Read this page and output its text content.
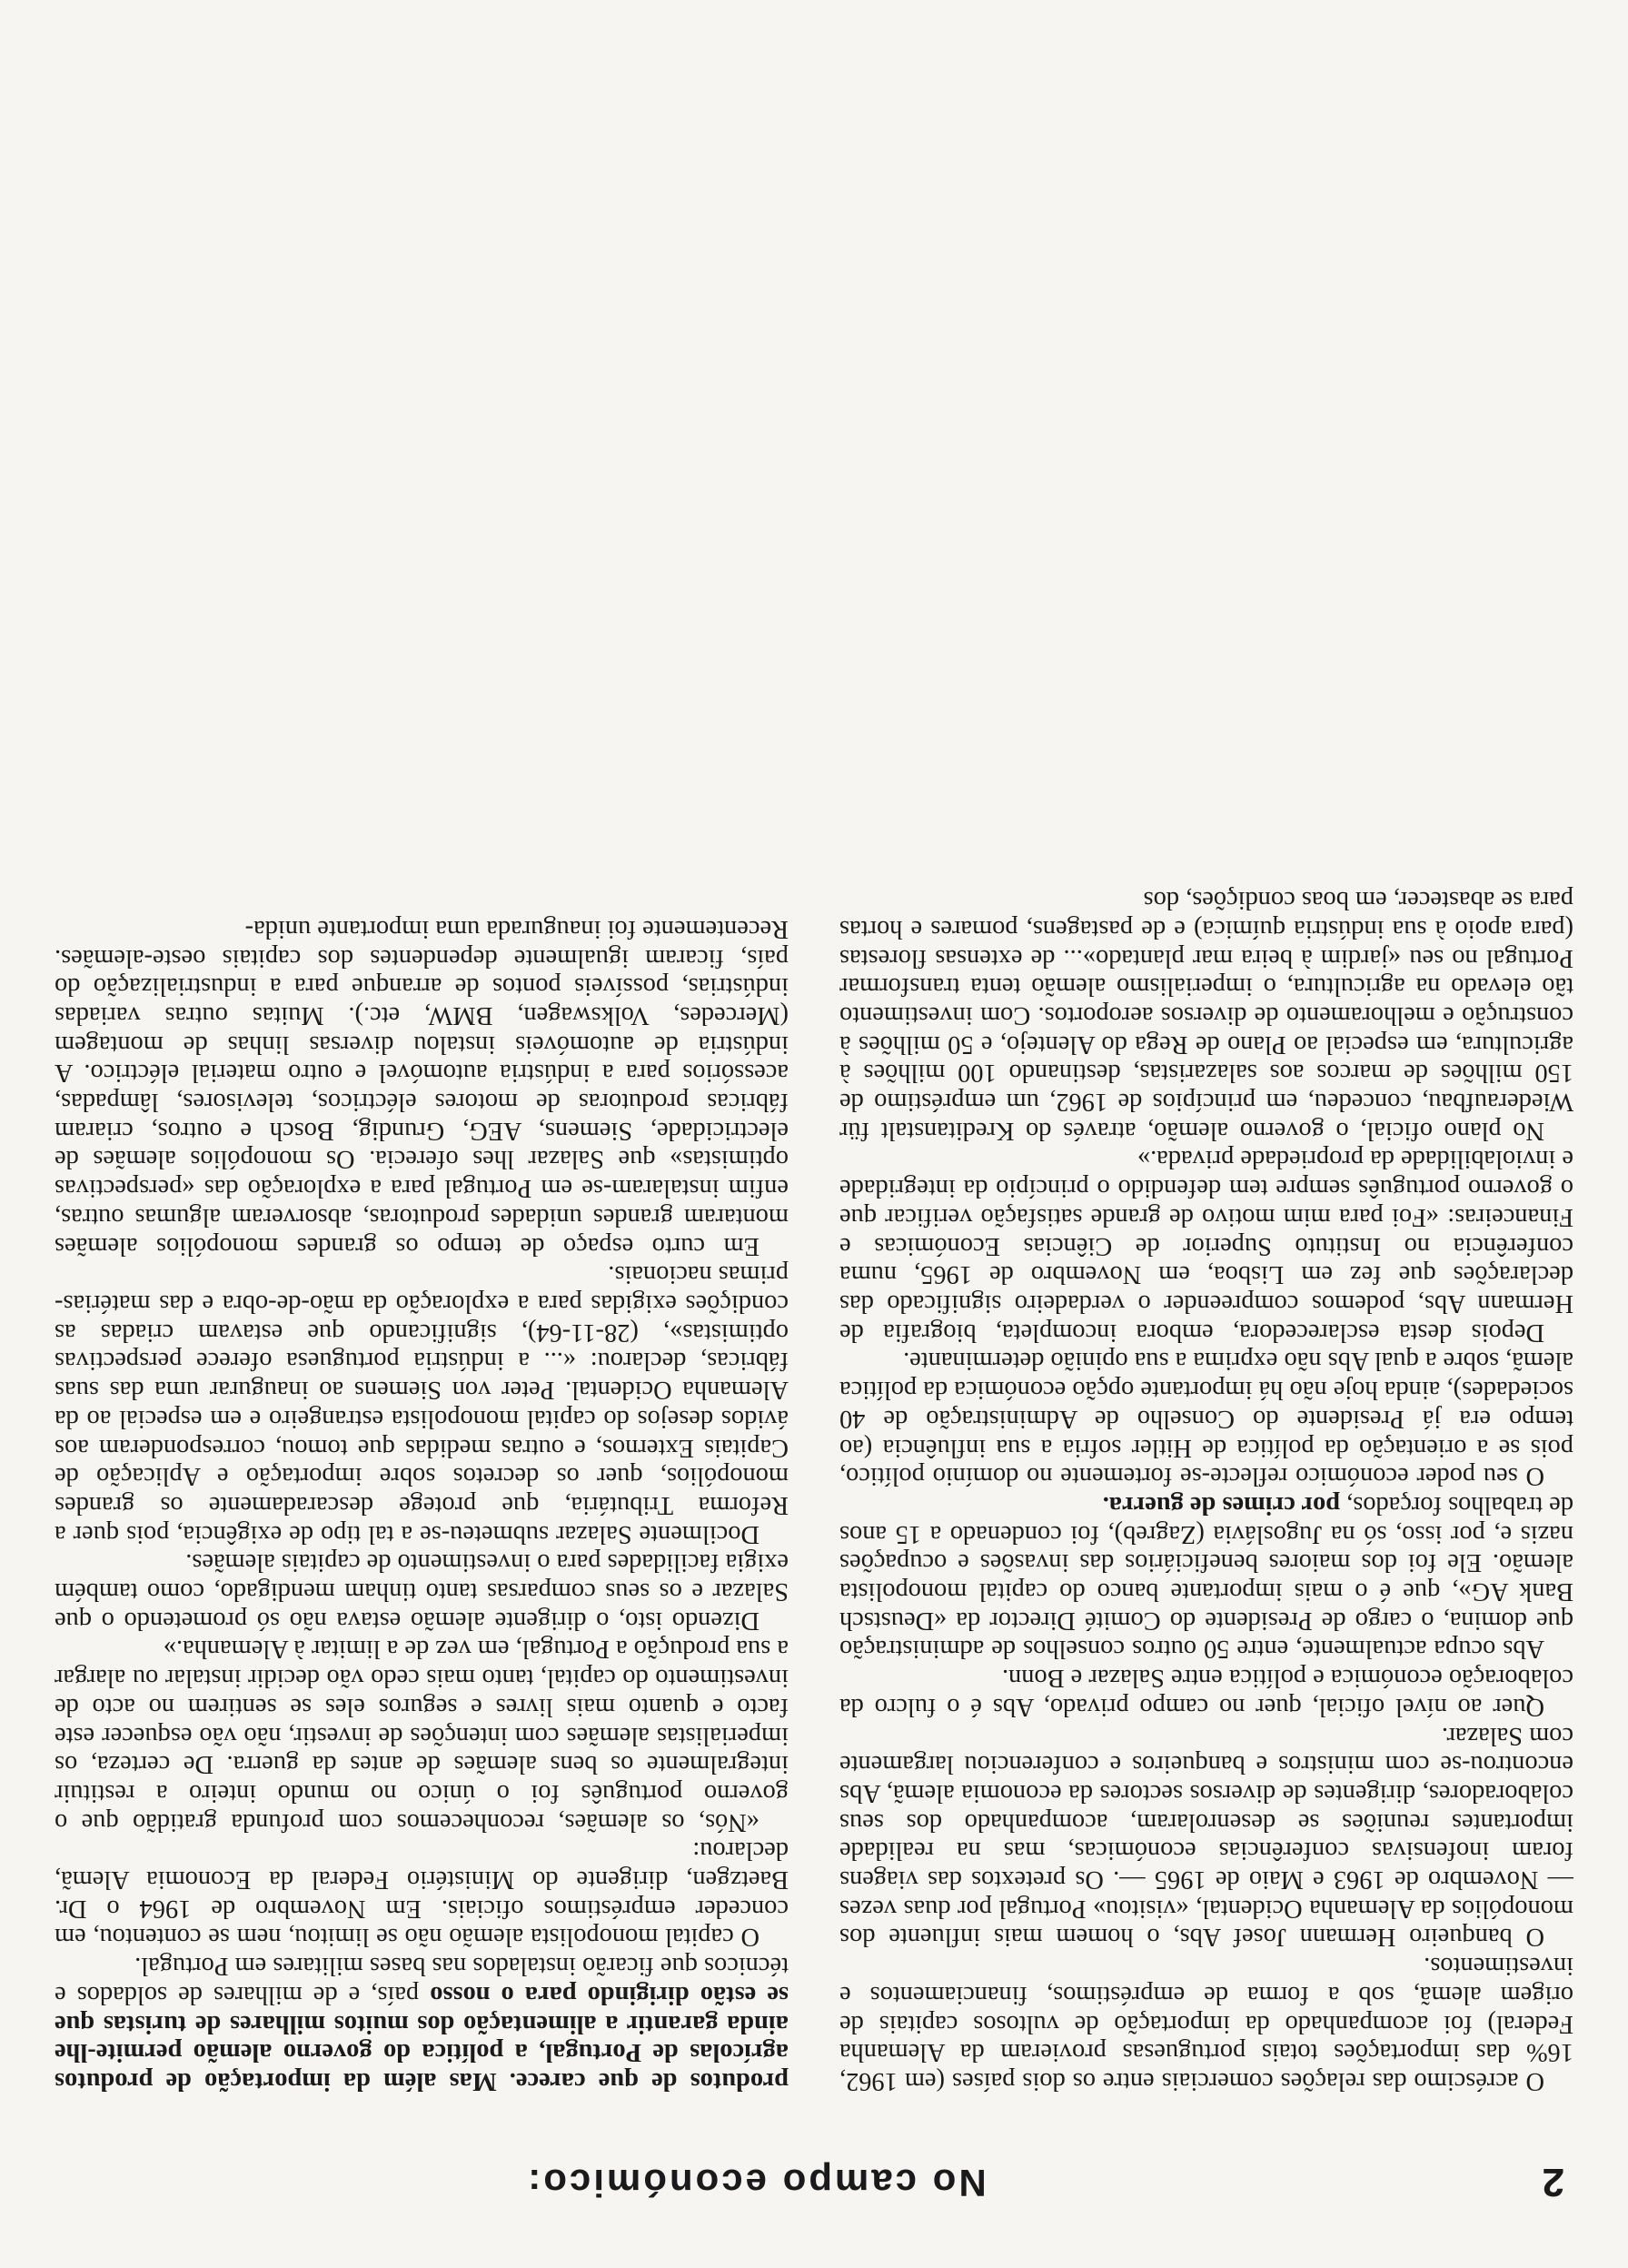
2
No campo económico:

O acréscimo das relações comerciais entre os dois países (em 1962, 16% das importações totais portuguesas provieram da Alemanha Federal) foi acompanhado da importação de vultosos capitais de origem alemã, sob a forma de empréstimos, financiamentos e investimentos.

O banqueiro Hermann Josef Abs, o homem mais influente dos monopólios da Alemanha Ocidental, «visitou» Portugal por duas vezes — Novembro de 1963 e Maio de 1965 —. Os pretextos das viagens foram inofensivas conferências económicas, mas na realidade importantes reuniões se desenrolaram, acompanhado dos seus colaboradores, dirigentes de diversos sectores da economia alemã, Abs encontrou-se com ministros e banqueiros e conferenciou largamente com Salazar.

Quer ao nível oficial, quer no campo privado, Abs é o fulcro da colaboração económica e política entre Salazar e Bonn.

Abs ocupa actualmente, entre 50 outros conselhos de administração que domina, o cargo de Presidente do Comité Director da «Deustsch Bank AG», que é o mais importante banco do capital monopolista alemão. Ele foi dos maiores beneficiários das invasões e ocupações nazis e, por isso, só na Jugoslávia (Zagreb), foi condenado a 15 anos de trabalhos forçados, por crimes de guerra.

O seu poder económico reflecte-se fortemente no domínio político, pois se a orientação da política de Hitler sofria a sua influência (ao tempo era já Presidente do Conselho de Administração de 40 sociedades), ainda hoje não há importante opção económica da política alemã, sobre a qual Abs não exprima a sua opinião determinante.

Depois desta esclarecedora, embora incompleta, biografia de Hermann Abs, podemos compreender o verdadeiro significado das declarações que fez em Lisboa, em Novembro de 1965, numa conferência no Instituto Superior de Ciências Económicas e Financeiras: «Foi para mim motivo de grande satisfação verificar que o governo português sempre tem defendido o princípio da integridade e inviolabilidade da propriedade privada.»

No plano oficial, o governo alemão, através do Kreditanstalt für Wiederaufbau, concedeu, em princípios de 1962, um empréstimo de 150 milhões de marcos aos salazaristas, destinando 100 milhões à agricultura, em especial ao Plano de Rega do Alentejo, e 50 milhões à construção e melhoramento de diversos aeroportos. Com investimento tão elevado na agricultura, o imperialismo alemão tenta transformar Portugal no seu «jardim à beira mar plantado»... de extensas florestas (para apoio à sua indústria química) e de pastagens, pomares e hortas para se abastecer, em boas condições, dos

produtos de que carece. Mas além da importação de produtos agrícolas de Portugal, a política do governo alemão permite-lhe ainda garantir a alimentação dos muitos milhares de turistas que se estão dirigindo para o nosso país, e de milhares de soldados e técnicos que ficarão instalados nas bases militares em Portugal.

O capital monopolista alemão não se limitou, nem se contentou, em conceder empréstimos oficiais. Em Novembro de 1964 o Dr. Baetzgen, dirigente do Ministério Federal da Economia Alemã, declarou:

«Nós, os alemães, reconhecemos com profunda gratidão que o governo português foi o único no mundo inteiro a restituir integralmente os bens alemães de antes da guerra. De certeza, os imperialistas alemães com intenções de investir, não vão esquecer este facto e quanto mais livres e seguros eles se sentirem no acto de investimento do capital, tanto mais cedo vão decidir instalar ou alargar a sua produção a Portugal, em vez de a limitar à Alemanha.»

Dizendo isto, o dirigente alemão estava não só prometendo o que Salazar e os seus comparsas tanto tinham mendigado, como também exigia facilidades para o investimento de capitais alemães.

Docilmente Salazar submeteu-se a tal tipo de exigência, pois quer a Reforma Tributária, que protege descaradamente os grandes monopólios, quer os decretos sobre importação e Aplicação de Capitais Externos, e outras medidas que tomou, corresponderam aos ávidos desejos do capital monopolista estrangeiro e em especial ao da Alemanha Ocidental. Peter von Siemens ao inaugurar uma das suas fábricas, declarou: «... a indústria portuguesa oferece perspectivas optimistas», (28-11-64), significando que estavam criadas as condições exigidas para a exploração da mão-de-obra e das matérias-primas nacionais.

Em curto espaço de tempo os grandes monopólios alemães montaram grandes unidades produtoras, absorveram algumas outras, enfim instalaram-se em Portugal para a exploração das «perspectivas optimistas» que Salazar lhes oferecia. Os monopólios alemães de electricidade, Siemens, AEG, Grundig, Bosch e outros, criaram fábricas produtoras de motores eléctricos, televisores, lâmpadas, acessórios para a indústria automóvel e outro material eléctrico. A indústria de automóveis instalou diversas linhas de montagem (Mercedes, Volkswagen, BMW, etc.). Muitas outras variadas indústrias, possíveis pontos de arranque para a industrialização do país, ficaram igualmente dependentes dos capitais oeste-alemães. Recentemente foi inaugurada uma importante unida-
